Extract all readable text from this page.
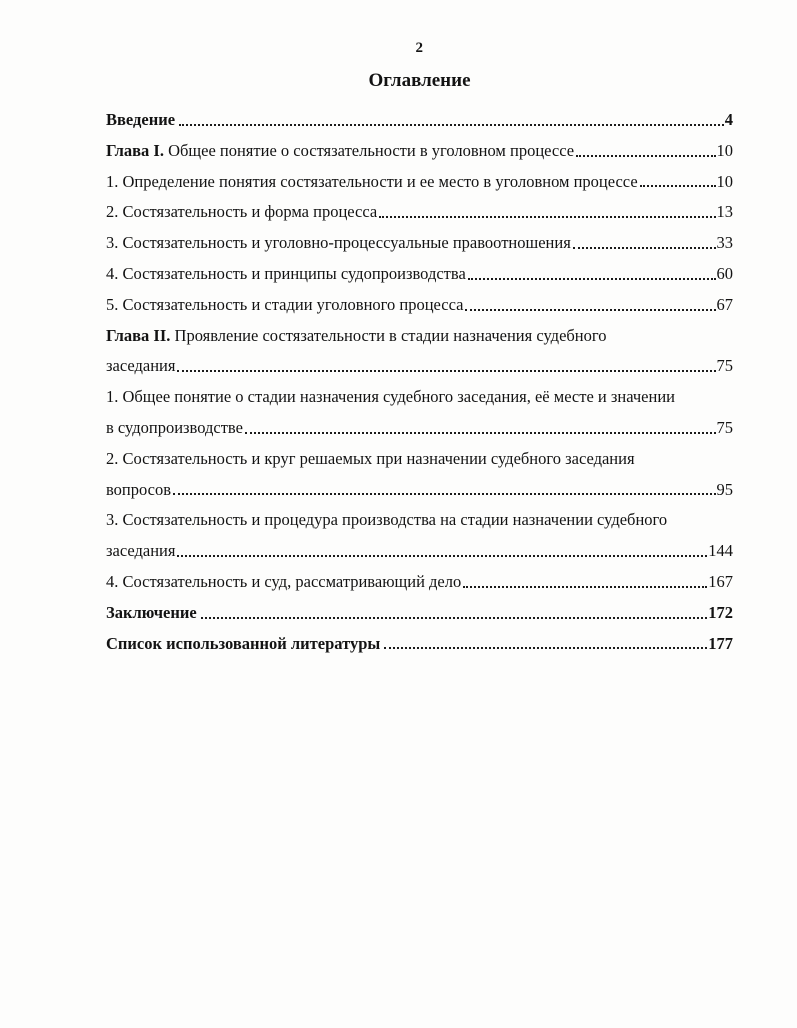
2
Оглавление
Введение	4
Глава I. Общее понятие о состязательности в уголовном процессе	10
1. Определение понятия состязательности и ее место в уголовном процессе	10
2. Состязательность и форма процесса	13
3. Состязательность и уголовно-процессуальные правоотношения	33
4. Состязательность и принципы судопроизводства	60
5. Состязательность и стадии уголовного процесса	67
Глава II. Проявление состязательности в стадии назначения судебного
заседания	75
1. Общее понятие о стадии назначения судебного заседания, её месте и значении
в судопроизводстве	75
2. Состязательность и круг решаемых при назначении судебного заседания
вопросов	95
3. Состязательность и процедура производства на стадии назначении судебного
заседания	144
4. Состязательность и суд, рассматривающий дело	167
Заключение	172
Список использованной литературы	177
